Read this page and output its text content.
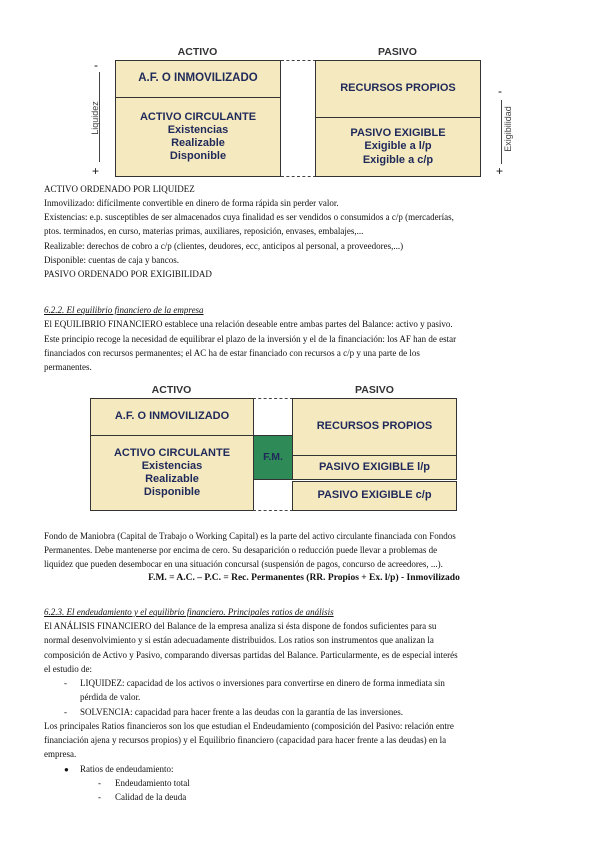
ACTIVO	PASIVO
A.F. O INMOVILIZADO
ACTIVO CIRCULANTE
Existencias
Realizable
Disponible
RECURSOS PROPIOS
PASIVO EXIGIBLE
Exigible a l/p
Exigible a c/p
-
+
Liquidez
-
+
Exigibilidad
ACTIVO ORDENADO POR LIQUIDEZ
Inmovilizado: difícilmente convertible en dinero de forma rápida sin perder valor.
Existencias: e.p. susceptibles de ser almacenados cuya finalidad es ser vendidos o consumidos a c/p (mercaderías,
ptos. terminados, en curso, materias primas, auxiliares, reposición, envases, embalajes,...
Realizable: derechos de cobro a c/p (clientes, deudores, ecc, anticipos al personal, a proveedores,...)
Disponible: cuentas de caja y bancos.
PASIVO ORDENADO POR EXIGIBILIDAD
6.2.2. El equilibrio financiero de la empresa
El EQUILIBRIO FINANCIERO establece una relación deseable entre ambas partes del Balance: activo y pasivo.
Este principio recoge la necesidad de equilibrar el plazo de la inversión y el de la financiación: los AF han de estar
financiados con recursos permanentes; el AC ha de estar financiado con recursos a c/p y una parte de los
permanentes.
ACTIVO	PASIVO
A.F. O INMOVILIZADO
ACTIVO CIRCULANTE
Existencias
Realizable
Disponible
F.M.
RECURSOS PROPIOS
PASIVO EXIGIBLE l/p
PASIVO EXIGIBLE c/p
Fondo de Maniobra (Capital de Trabajo o Working Capital) es la parte del activo circulante financiada con Fondos
Permanentes. Debe mantenerse por encima de cero. Su desaparición o reducción puede llevar a problemas de
liquidez que pueden desembocar en una situación concursal (suspensión de pagos, concurso de acreedores, ...).
F.M. = A.C. – P.C. = Rec. Permanentes (RR. Propios + Ex. l/p) - Inmovilizado
6.2.3. El endeudamiento y el equilibrio financiero. Principales ratios de análisis
El ANÁLISIS FINANCIERO del Balance de la empresa analiza si ésta dispone de fondos suficientes para su
normal desenvolvimiento y si están adecuadamente distribuidos. Los ratios son instrumentos que analizan la
composición de Activo y Pasivo, comparando diversas partidas del Balance. Particularmente, es de especial interés
el estudio de:
- LIQUIDEZ: capacidad de los activos o inversiones para convertirse en dinero de forma inmediata sin
pérdida de valor.
- SOLVENCIA: capacidad para hacer frente a las deudas con la garantía de las inversiones.
Los principales Ratios financieros son los que estudian el Endeudamiento (composición del Pasivo: relación entre
financiación ajena y recursos propios) y el Equilibrio financiero (capacidad para hacer frente a las deudas) en la
empresa.
● Ratios de endeudamiento:
- Endeudamiento total
- Calidad de la deuda
